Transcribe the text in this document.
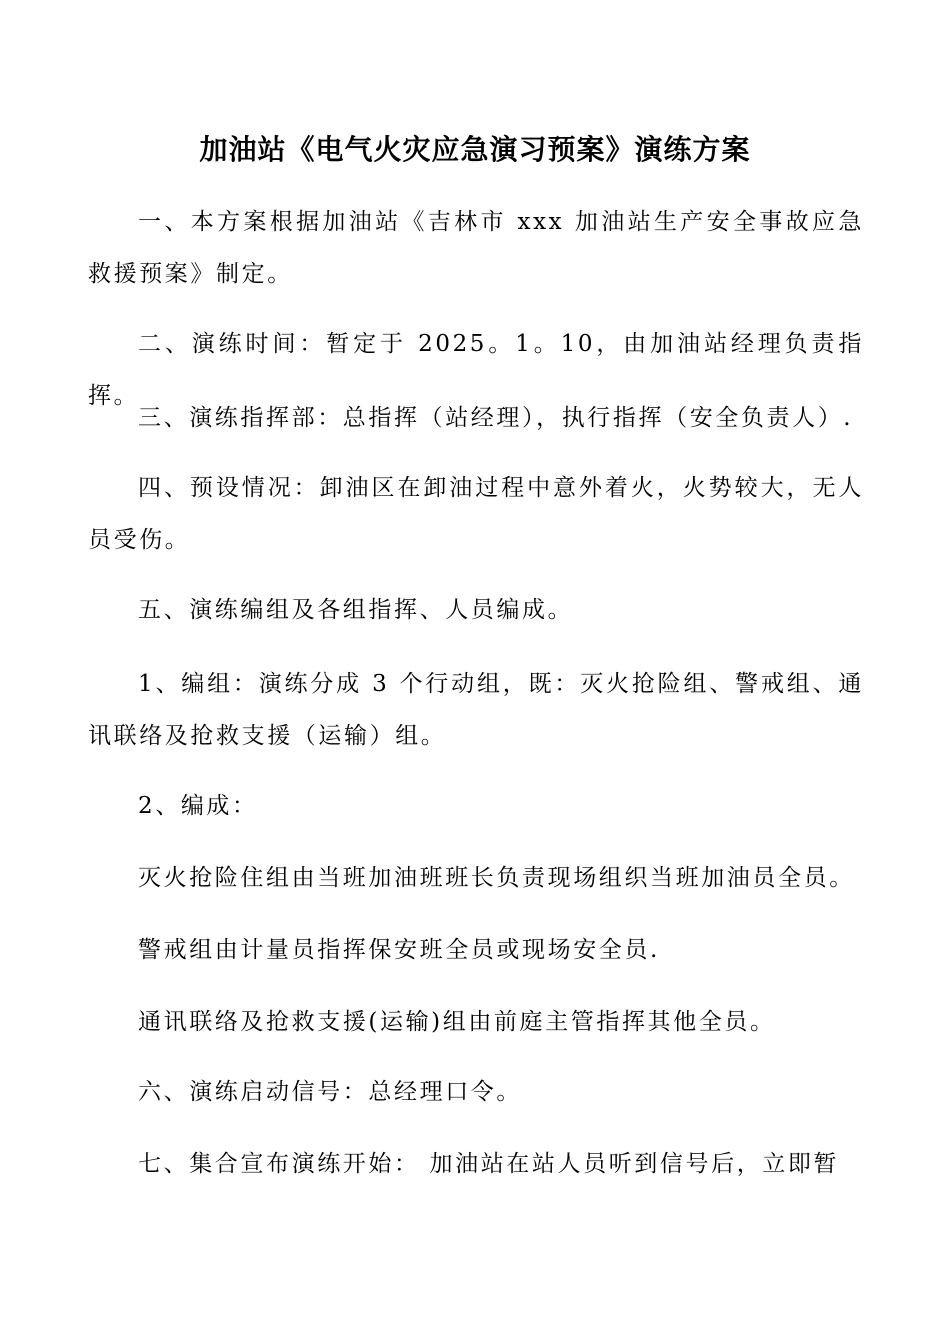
加油站《电气火灾应急演习预案》演练方案

一、本方案根据加油站《吉林市 xxx 加油站生产安全事故应急救援预案》制定。

二、演练时间：暂定于 2025。1。10，由加油站经理负责指挥。

三、演练指挥部：总指挥（站经理），执行指挥（安全负责人）.

四、预设情况：卸油区在卸油过程中意外着火，火势较大，无人员受伤。

五、演练编组及各组指挥、人员编成。

1、编组：演练分成 3 个行动组，既：灭火抢险组、警戒组、通讯联络及抢救支援（运输）组。

2、编成：

灭火抢险住组由当班加油班班长负责现场组织当班加油员全员。

警戒组由计量员指挥保安班全员或现场安全员.

通讯联络及抢救支援(运输)组由前庭主管指挥其他全员。

六、演练启动信号：总经理口令。

七、集合宣布演练开始： 加油站在站人员听到信号后，立即暂
